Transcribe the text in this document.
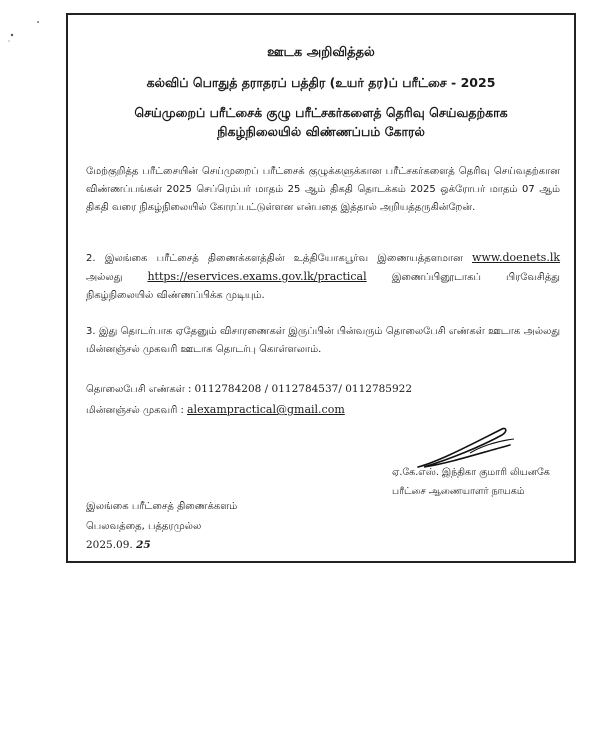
ஊடக அறிவித்தல்
கல்விப் பொதுத் தராதரப் பத்திர (உயர் தர)ப் பரீட்சை - 2025
செய்முறைப் பரீட்சைக் குழு பரீட்சகர்களைத் தெரிவு செய்வதற்காக
நிகழ்நிலையில் விண்ணப்பம் கோரல்
மேற்குறித்த பரீட்சையின் செய்முறைப் பரீட்சைக் குழுக்களுக்கான பரீட்சகர்களைத் தெரிவு செய்வதற்கான விண்ணப்பங்கள் 2025 செப்ரெம்பர் மாதம் 25 ஆம் திகதி தொடக்கம் 2025 ஒக்ரோபர் மாதம் 07 ஆம் திகதி வரை நிகழ்நிலையில் கோரப்பட்டுள்ளன என்பதை இத்தால் அறியத்தருகின்றேன்.
2. இலங்கை பரீட்சைத் திணைக்களத்தின் உத்தியோகபூர்வ இணையத்தளமான www.doenets.lk அல்லது https://eservices.exams.gov.lk/practical	இணைப்பினூடாகப் பிரவேசித்து நிகழ்நிலையில் விண்ணப்பிக்க முடியும்.
3. இது தொடர்பாக ஏதேனும் விசாரணைகள் இருப்பின் பின்வரும் தொலைபேசி எண்கள் ஊடாக அல்லது மின்னஞ்சல் முகவரி ஊடாக தொடர்பு கொள்ளலாம்.
தொலைபேசி எண்கள் : 0112784208 / 0112784537/ 0112785922
மின்னஞ்சல் முகவரி : alexampractical@gmail.com
ஏ.கே.எஸ். இந்திகா குமாரி லியனகே
பரீட்சை ஆணையாளர் நாயகம்
இலங்கை பரீட்சைத் திணைக்களம்
பெலவத்தை, பத்தரமுல்ல
2025.09. 25
